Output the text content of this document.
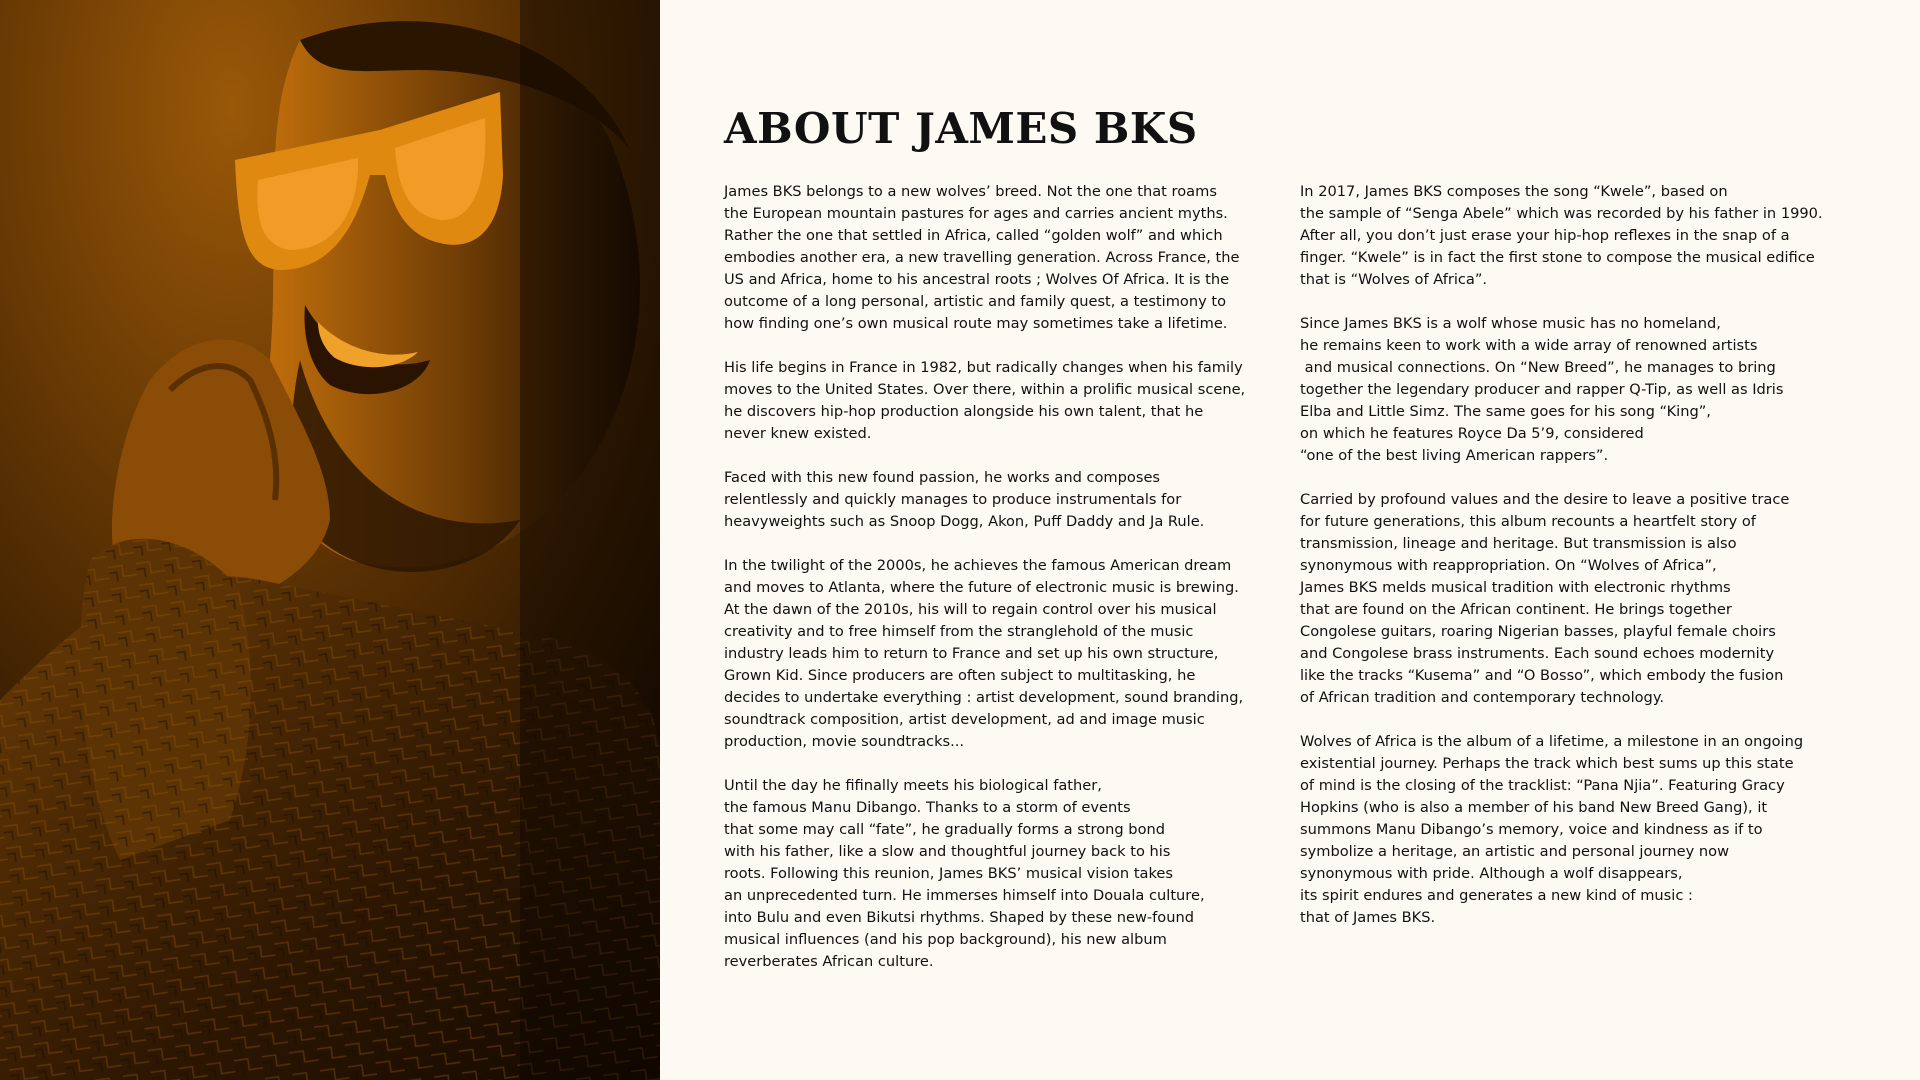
ABOUT JAMES BKS

James BKS belongs to a new wolves’ breed. Not the one that roams
the European mountain pastures for ages and carries ancient myths.
Rather the one that settled in Africa, called “golden wolf” and which
embodies another era, a new travelling generation. Across France, the
US and Africa, home to his ancestral roots ; Wolves Of Africa. It is the
outcome of a long personal, artistic and family quest, a testimony to
how finding one’s own musical route may sometimes take a lifetime.

His life begins in France in 1982, but radically changes when his family
moves to the United States. Over there, within a prolific musical scene,
he discovers hip-hop production alongside his own talent, that he
never knew existed.

Faced with this new found passion, he works and composes
relentlessly and quickly manages to produce instrumentals for
heavyweights such as Snoop Dogg, Akon, Puff Daddy and Ja Rule.

In the twilight of the 2000s, he achieves the famous American dream
and moves to Atlanta, where the future of electronic music is brewing.
At the dawn of the 2010s, his will to regain control over his musical
creativity and to free himself from the stranglehold of the music
industry leads him to return to France and set up his own structure,
Grown Kid. Since producers are often subject to multitasking, he
decides to undertake everything : artist development, sound branding,
soundtrack composition, artist development, ad and image music
production, movie soundtracks...

Until the day he fifinally meets his biological father,
the famous Manu Dibango. Thanks to a storm of events
that some may call “fate”, he gradually forms a strong bond
with his father, like a slow and thoughtful journey back to his
roots. Following this reunion, James BKS’ musical vision takes
an unprecedented turn. He immerses himself into Douala culture,
into Bulu and even Bikutsi rhythms. Shaped by these new-found
musical influences (and his pop background), his new album
reverberates African culture.

In 2017, James BKS composes the song “Kwele”, based on
the sample of “Senga Abele” which was recorded by his father in 1990.
After all, you don’t just erase your hip-hop reflexes in the snap of a
finger. “Kwele” is in fact the first stone to compose the musical edifice
that is “Wolves of Africa”.

Since James BKS is a wolf whose music has no homeland,
he remains keen to work with a wide array of renowned artists
and musical connections. On “New Breed”, he manages to bring
together the legendary producer and rapper Q-Tip, as well as Idris
Elba and Little Simz. The same goes for his song “King”,
on which he features Royce Da 5’9, considered
“one of the best living American rappers”.

Carried by profound values and the desire to leave a positive trace
for future generations, this album recounts a heartfelt story of
transmission, lineage and heritage. But transmission is also
synonymous with reappropriation. On “Wolves of Africa”,
James BKS melds musical tradition with electronic rhythms
that are found on the African continent. He brings together
Congolese guitars, roaring Nigerian basses, playful female choirs
and Congolese brass instruments. Each sound echoes modernity
like the tracks “Kusema” and “O Bosso”, which embody the fusion
of African tradition and contemporary technology.

Wolves of Africa is the album of a lifetime, a milestone in an ongoing
existential journey. Perhaps the track which best sums up this state
of mind is the closing of the tracklist: “Pana Njia”. Featuring Gracy
Hopkins (who is also a member of his band New Breed Gang), it
summons Manu Dibango’s memory, voice and kindness as if to
symbolize a heritage, an artistic and personal journey now
synonymous with pride. Although a wolf disappears,
its spirit endures and generates a new kind of music :
that of James BKS.
